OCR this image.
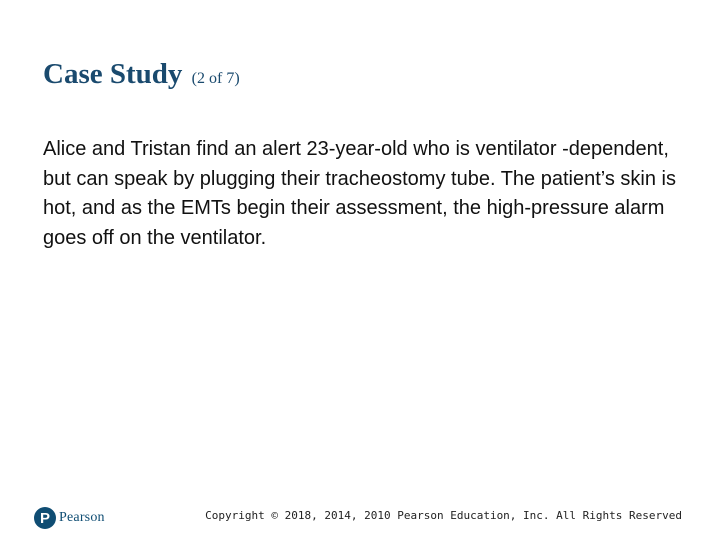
Case Study (2 of 7)

Alice and Tristan find an alert 23-year-old who is ventilator -dependent, but can speak by plugging their tracheostomy tube. The patient’s skin is hot, and as the EMTs begin their assessment, the high-pressure alarm goes off on the ventilator.

P Pearson	Copyright © 2018, 2014, 2010 Pearson Education, Inc. All Rights Reserved
